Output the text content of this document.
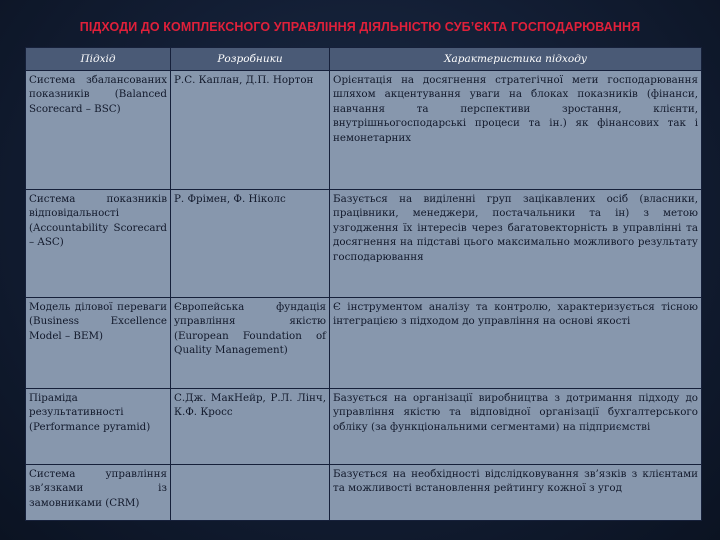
ПІДХОДИ ДО КОМПЛЕКСНОГО УПРАВЛІННЯ ДІЯЛЬНІСТЮ СУБ’ЄКТА ГОСПОДАРЮВАННЯ
Підхід	Розробники	Характеристика підходу
Система збалансованих показників (Balanced Scorecard – BSC)	Р.С. Каплан, Д.П. Нортон	Орієнтація на досягнення стратегічної мети господарювання шляхом акцентування уваги на блоках показників (фінанси, навчання та перспективи зростання, клієнти, внутрішньогосподарські процеси та ін.) як фінансових так і немонетарних
Система показників відповідальності (Accountability Scorecard – ASC)	Р. Фрімен, Ф. Ніколс	Базується на виділенні груп зацікавлених осіб (власники, працівники, менеджери, постачальники та ін) з метою узгодження їх інтересів через багатовекторність в управлінні та досягнення на підставі цього максимально можливого результату господарювання
Модель ділової переваги (Business Excellence Model – BEM)	Європейська фундація управління якістю (European Foundation of Quality Management)	Є інструментом аналізу та контролю, характеризується тісною інтеграцією з підходом до управління на основі якості
Піраміда результативності (Performance pyramid)	С.Дж. МакНейр, Р.Л. Лінч, К.Ф. Кросс	Базується на організації виробництва з дотримання підходу до управління якістю та відповідної організації бухгалтерського обліку (за функціональними сегментами) на підприємстві
Система управління зв’язками із замовниками (CRM)		Базується на необхідності відслідковування зв’язків з клієнтами та можливості встановлення рейтингу кожної з угод
